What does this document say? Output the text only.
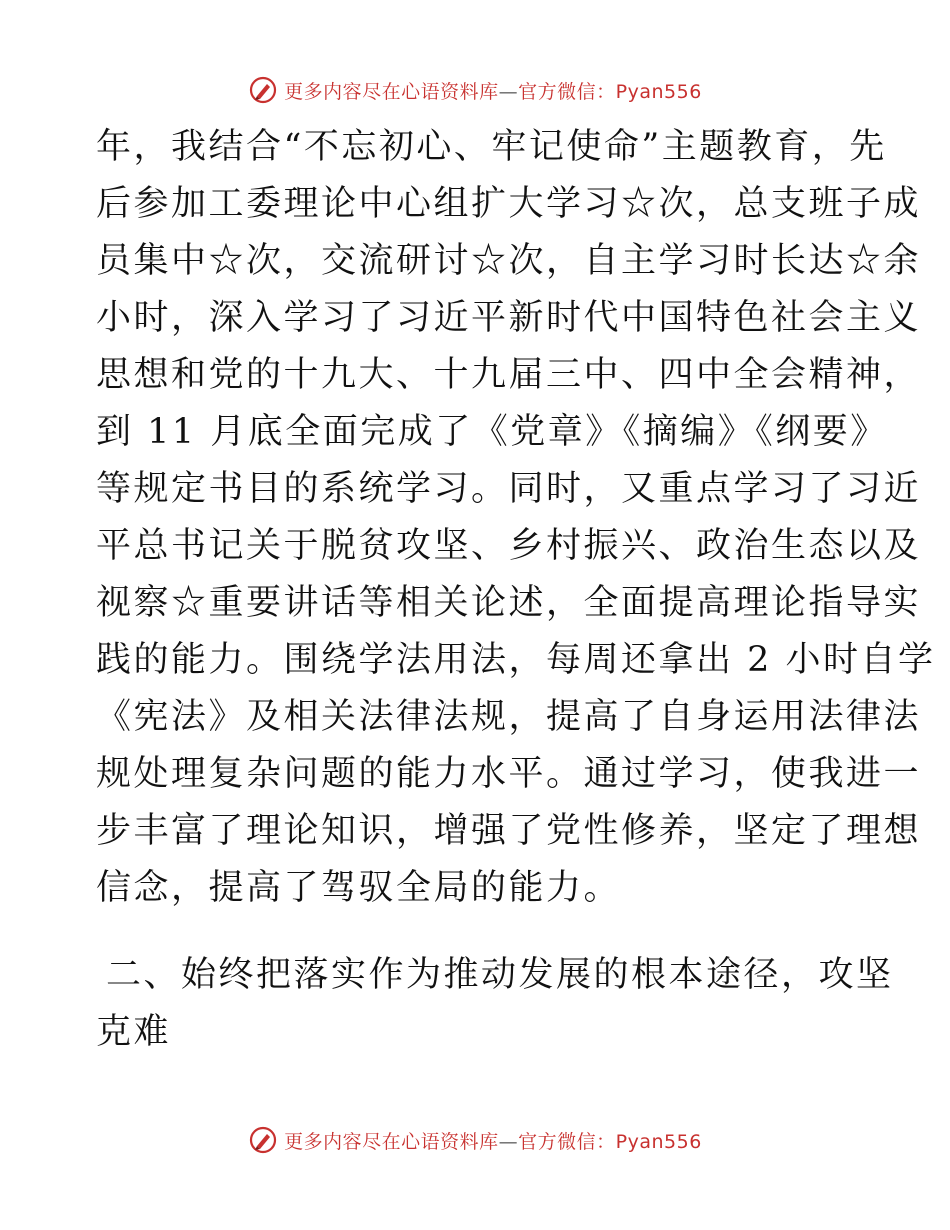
更多内容尽在心语资料库—官方微信：Pyan556
年，我结合“不忘初心、牢记使命”主题教育，先
后参加工委理论中心组扩大学习☆次，总支班子成
员集中☆次，交流研讨☆次，自主学习时长达☆余
小时，深入学习了习近平新时代中国特色社会主义
思想和党的十九大、十九届三中、四中全会精神，
到 11 月底全面完成了《党章》《摘编》《纲要》
等规定书目的系统学习。同时，又重点学习了习近
平总书记关于脱贫攻坚、乡村振兴、政治生态以及
视察☆重要讲话等相关论述，全面提高理论指导实
践的能力。围绕学法用法，每周还拿出 2 小时自学
《宪法》及相关法律法规，提高了自身运用法律法
规处理复杂问题的能力水平。通过学习，使我进一
步丰富了理论知识，增强了党性修养，坚定了理想
信念，提高了驾驭全局的能力。
二、始终把落实作为推动发展的根本途径，攻坚
克难
更多内容尽在心语资料库—官方微信：Pyan556
